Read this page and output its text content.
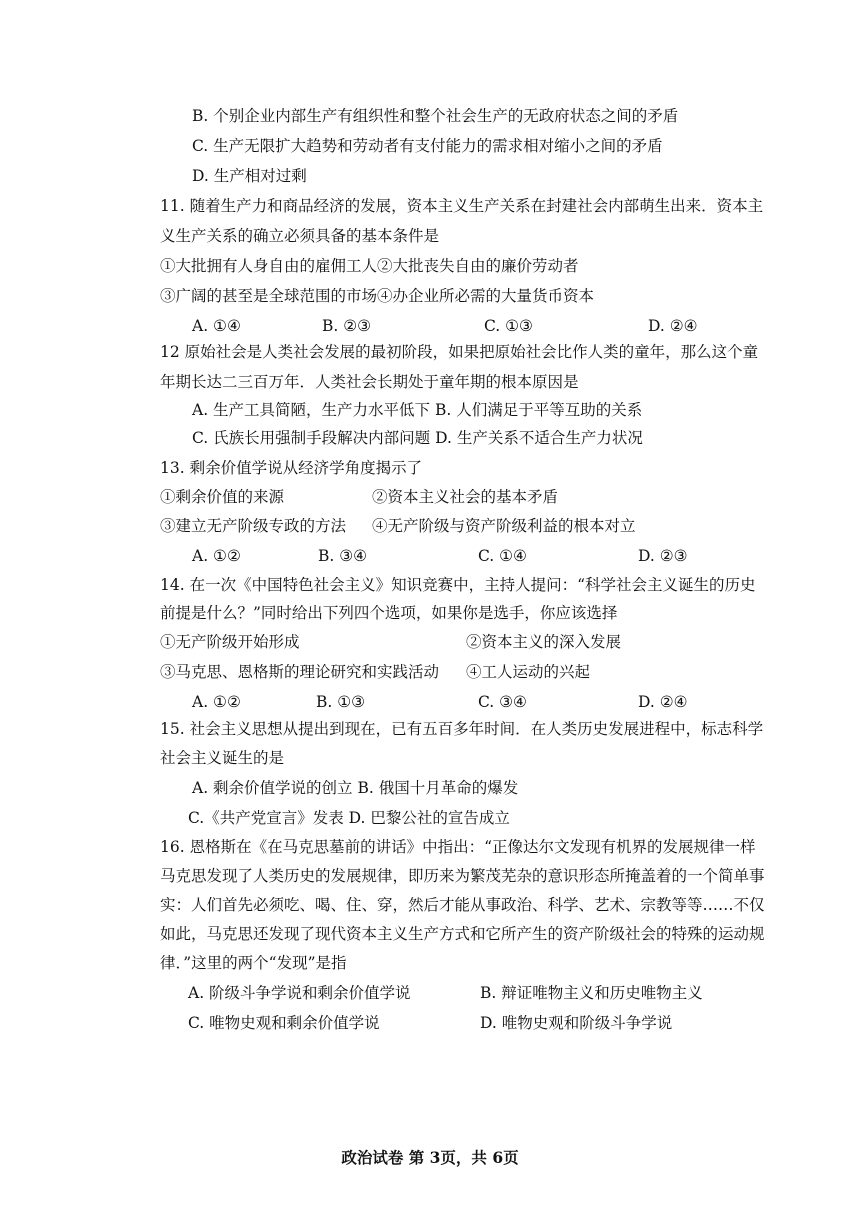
B. 个别企业内部生产有组织性和整个社会生产的无政府状态之间的矛盾
C. 生产无限扩大趋势和劳动者有支付能力的需求相对缩小之间的矛盾
D. 生产相对过剩
11. 随着生产力和商品经济的发展，资本主义生产关系在封建社会内部萌生出来．资本主
义生产关系的确立必须具备的基本条件是
①大批拥有人身自由的雇佣工人②大批丧失自由的廉价劳动者
③广阔的甚至是全球范围的市场④办企业所必需的大量货币资本
A. ①④	B. ②③	C. ①③	D. ②④
12 原始社会是人类社会发展的最初阶段，如果把原始社会比作人类的童年，那么这个童
年期长达二三百万年．人类社会长期处于童年期的根本原因是
A. 生产工具简陋，生产力水平低下 B. 人们满足于平等互助的关系
C. 氏族长用强制手段解决内部问题 D. 生产关系不适合生产力状况
13. 剩余价值学说从经济学角度揭示了
①剩余价值的来源	②资本主义社会的基本矛盾
③建立无产阶级专政的方法 ④无产阶级与资产阶级利益的根本对立
A. ①②	B. ③④	C. ①④	D. ②③
14. 在一次《中国特色社会主义》知识竞赛中，主持人提问：“科学社会主义诞生的历史
前提是什么？”同时给出下列四个选项，如果你是选手，你应该选择
①无产阶级开始形成	②资本主义的深入发展
③马克思、恩格斯的理论研究和实践活动 ④工人运动的兴起
A. ①②	B. ①③	C. ③④	D. ②④
15. 社会主义思想从提出到现在，已有五百多年时间．在人类历史发展进程中，标志科学
社会主义诞生的是
A. 剩余价值学说的创立 B. 俄国十月革命的爆发
C.《共产党宣言》发表 D. 巴黎公社的宣告成立
16. 恩格斯在《在马克思墓前的讲话》中指出：“正像达尔文发现有机界的发展规律一样
马克思发现了人类历史的发展规律，即历来为繁茂芜杂的意识形态所掩盖着的一个简单事
实：人们首先必须吃、喝、住、穿，然后才能从事政治、科学、艺术、宗教等等……不仅
如此，马克思还发现了现代资本主义生产方式和它所产生的资产阶级社会的特殊的运动规
律．”这里的两个“发现”是指
A. 阶级斗争学说和剩余价值学说	B. 辩证唯物主义和历史唯物主义
C. 唯物史观和剩余价值学说	D. 唯物史观和阶级斗争学说
政治试卷 第 3页，共 6页
